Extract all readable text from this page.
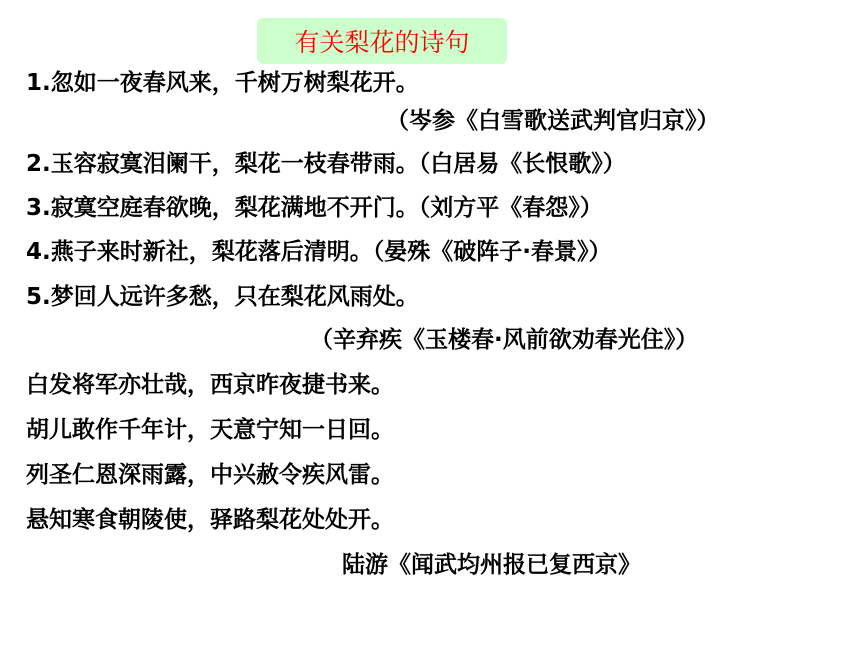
有关梨花的诗句
1.忽如一夜春风来，千树万树梨花开。
（岑参《白雪歌送武判官归京》）
2.玉容寂寞泪阑干，梨花一枝春带雨。（白居易《长恨歌》）
3.寂寞空庭春欲晚，梨花满地不开门。（刘方平《春怨》）
4.燕子来时新社，梨花落后清明。（晏殊《破阵子·春景》）
5.梦回人远许多愁，只在梨花风雨处。
（辛弃疾《玉楼春·风前欲劝春光住》）
白发将军亦壮哉，西京昨夜捷书来。
胡儿敢作千年计，天意宁知一日回。
列圣仁恩深雨露，中兴赦令疾风雷。
悬知寒食朝陵使，驿路梨花处处开。
陆游《闻武均州报已复西京》
